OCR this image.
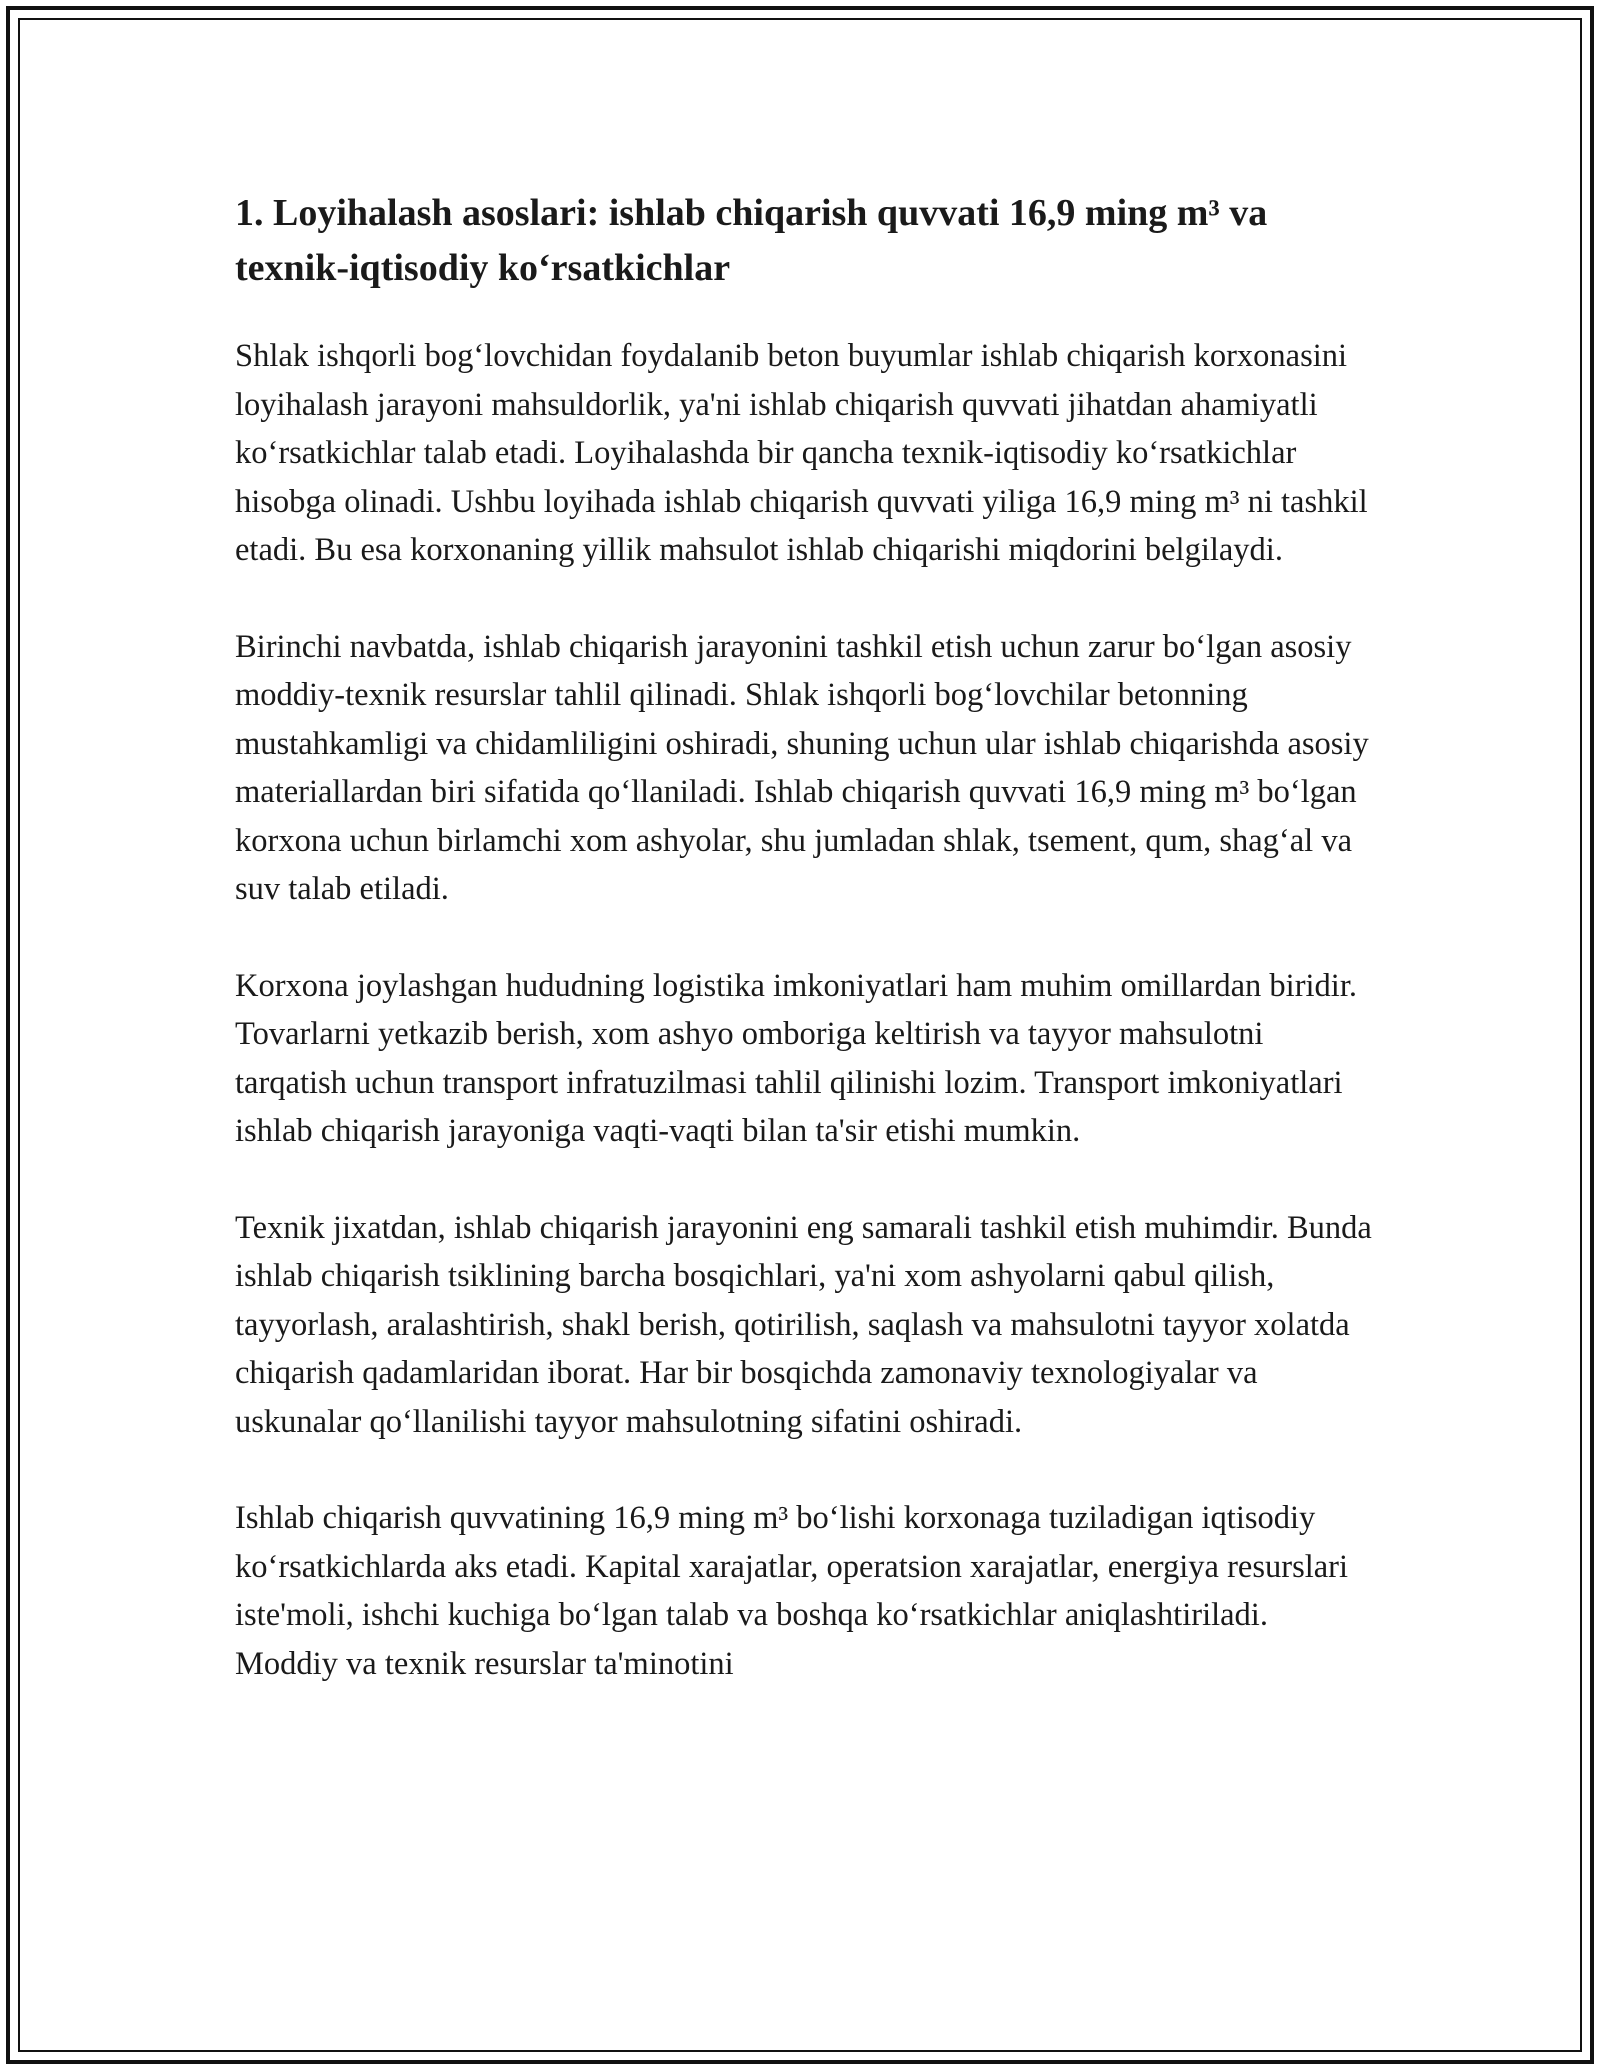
1. Loyihalash asoslari: ishlab chiqarish quvvati 16,9 ming m³ va texnik-iqtisodiy ko‘rsatkichlar

Shlak ishqorli bog‘lovchidan foydalanib beton buyumlar ishlab chiqarish korxonasini loyihalash jarayoni mahsuldorlik, ya'ni ishlab chiqarish quvvati jihatdan ahamiyatli ko‘rsatkichlar talab etadi. Loyihalashda bir qancha texnik-iqtisodiy ko‘rsatkichlar hisobga olinadi. Ushbu loyihada ishlab chiqarish quvvati yiliga 16,9 ming m³ ni tashkil etadi. Bu esa korxonaning yillik mahsulot ishlab chiqarishi miqdorini belgilaydi.

Birinchi navbatda, ishlab chiqarish jarayonini tashkil etish uchun zarur bo‘lgan asosiy moddiy-texnik resurslar tahlil qilinadi. Shlak ishqorli bog‘lovchilar betonning mustahkamligi va chidamliligini oshiradi, shuning uchun ular ishlab chiqarishda asosiy materiallardan biri sifatida qo‘llaniladi. Ishlab chiqarish quvvati 16,9 ming m³ bo‘lgan korxona uchun birlamchi xom ashyolar, shu jumladan shlak, tsement, qum, shag‘al va suv talab etiladi.

Korxona joylashgan hududning logistika imkoniyatlari ham muhim omillardan biridir. Tovarlarni yetkazib berish, xom ashyo omboriga keltirish va tayyor mahsulotni tarqatish uchun transport infratuzilmasi tahlil qilinishi lozim. Transport imkoniyatlari ishlab chiqarish jarayoniga vaqti-vaqti bilan ta'sir etishi mumkin.

Texnik jixatdan, ishlab chiqarish jarayonini eng samarali tashkil etish muhimdir. Bunda ishlab chiqarish tsiklining barcha bosqichlari, ya'ni xom ashyolarni qabul qilish, tayyorlash, aralashtirish, shakl berish, qotirilish, saqlash va mahsulotni tayyor xolatda chiqarish qadamlaridan iborat. Har bir bosqichda zamonaviy texnologiyalar va uskunalar qo‘llanilishi tayyor mahsulotning sifatini oshiradi.

Ishlab chiqarish quvvatining 16,9 ming m³ bo‘lishi korxonaga tuziladigan iqtisodiy ko‘rsatkichlarda aks etadi. Kapital xarajatlar, operatsion xarajatlar, energiya resurslari iste'moli, ishchi kuchiga bo‘lgan talab va boshqa ko‘rsatkichlar aniqlashtiriladi. Moddiy va texnik resurslar ta'minotini
